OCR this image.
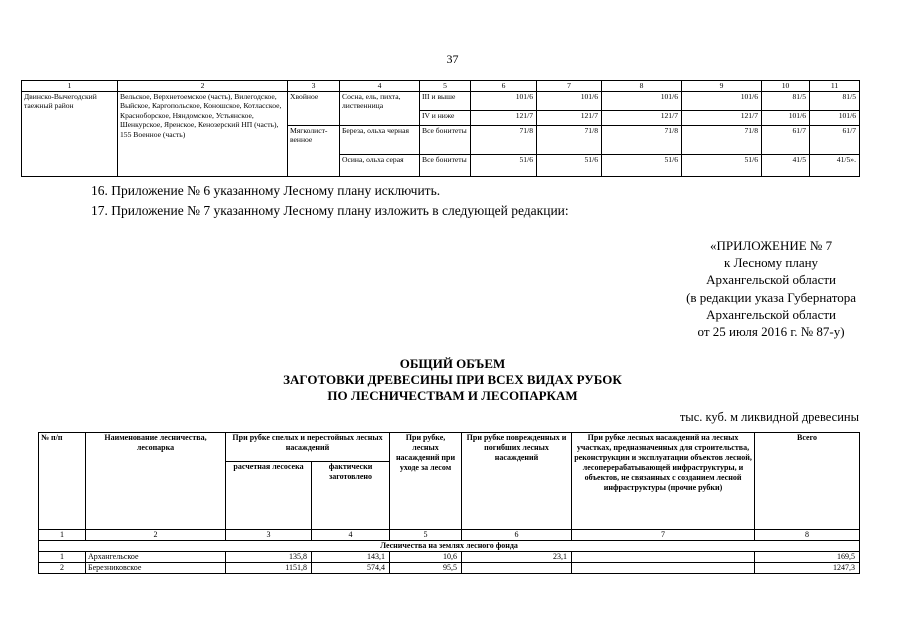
37
1	2	3	4	5	6	7	8	9	10	11
Двинско-Вычегодский таежный район	Вельское, Верхнетоемское (часть), Вилегодское, Выйское, Каргопольское, Коношское, Котласское, Красноборское, Няндомское, Устьянское, Шенкурское, Яренское, Кенозерский НП (часть), 155 Военное (часть)	Хвойное	Сосна, ель, пихта, лиственница	III и выше	101/6	101/6	101/6	101/6	81/5	81/5
				IV и ниже	121/7	121/7	121/7	121/7	101/6	101/6
		Мягколист-венное	Береза, ольха черная	Все бонитеты	71/8	71/8	71/8	71/8	61/7	61/7
			Осина, ольха серая	Все бонитеты	51/6	51/6	51/6	51/6	41/5	41/5».
16. Приложение № 6 указанному Лесному плану исключить.
17. Приложение № 7 указанному Лесному плану изложить в следующей редакции:
«ПРИЛОЖЕНИЕ № 7
к Лесному плану
Архангельской области
(в редакции указа Губернатора
Архангельской области
от 25 июля 2016 г. № 87-у)
ОБЩИЙ ОБЪЕМ
ЗАГОТОВКИ ДРЕВЕСИНЫ ПРИ ВСЕХ ВИДАХ РУБОК
ПО ЛЕСНИЧЕСТВАМ И ЛЕСОПАРКАМ
тыс. куб. м ликвидной древесины
№ п/п	Наименование лесничества, лесопарка	При рубке спелых и перестойных лесных насаждений		При рубке, лесных насаждений при уходе за лесом	При рубке поврежденных и погибших лесных насаждений	При рубке лесных насаждений на лесных участках, предназначенных для строительства, реконструкции и эксплуатации объектов лесной, лесоперерабатывающей инфраструктуры, и объектов, не связанных с созданием лесной инфраструктуры (прочие рубки)	Всего
		расчетная лесосека	фактически заготовлено				
1	2	3	4	5	6	7	8
Лесничества на землях лесного фонда							
1	Архангельское	135,8	143,1	10,6	23,1		169,5
2	Березниковское	1151,8	574,4	95,5			1247,3
